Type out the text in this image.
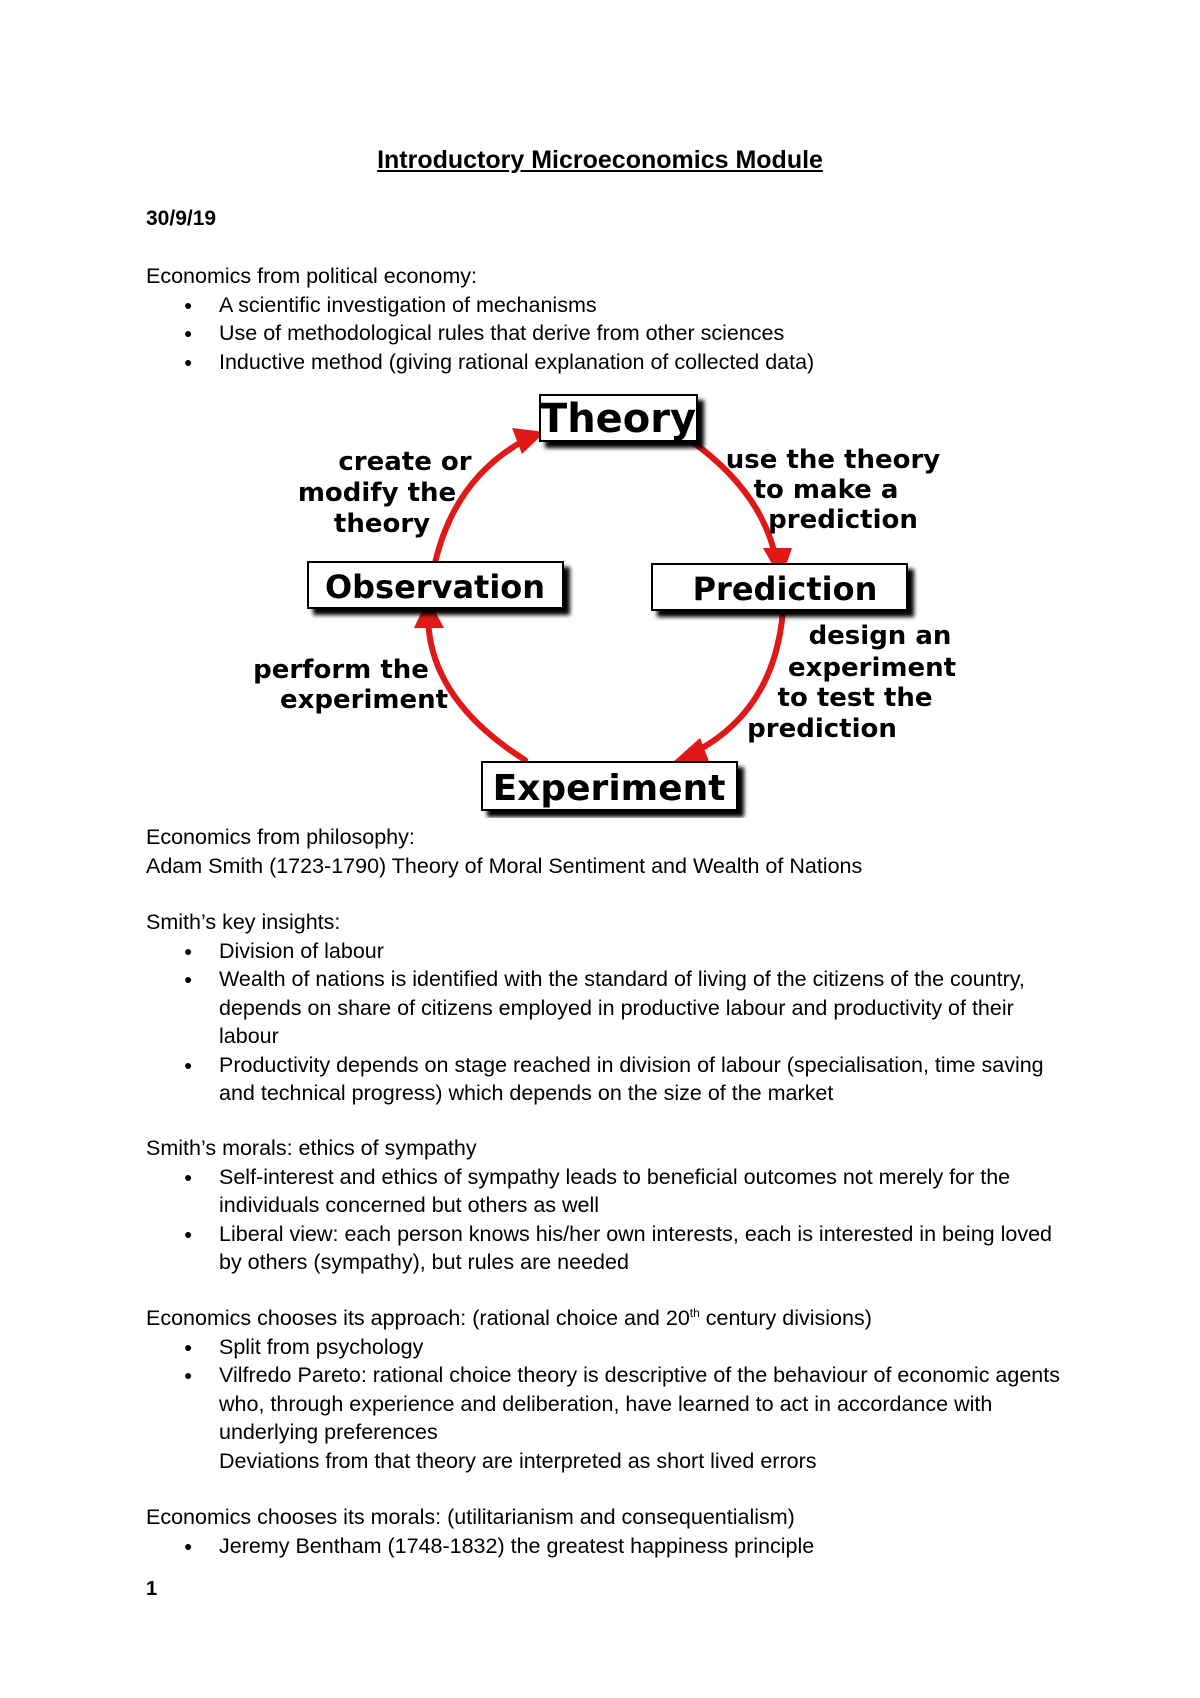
Introductory Microeconomics Module
30/9/19

Economics from political economy:

● A scientific investigation of mechanisms
● Use of methodological rules that derive from other sciences
● Inductive method (giving rational explanation of collected data)
Theory
Observation	Prediction
Experiment
create or
modify the
theory
use the theory
to make a
prediction
design an
experiment
to test the
prediction
perform the
experiment

Economics from philosophy:

Adam Smith (1723-1790) Theory of Moral Sentiment and Wealth of Nations

Smith’s key insights:

● Division of labour
● Wealth of nations is identified with the standard of living of the citizens of the country, depends on share of citizens employed in productive labour and productivity of their labour
● Productivity depends on stage reached in division of labour (specialisation, time saving and technical progress) which depends on the size of the market

Smith’s morals: ethics of sympathy

● Self-interest and ethics of sympathy leads to beneficial outcomes not merely for the individuals concerned but others as well
● Liberal view: each person knows his/her own interests, each is interested in being loved by others (sympathy), but rules are needed

Economics chooses its approach: (rational choice and 20th century divisions)

● Split from psychology
● Vilfredo Pareto: rational choice theory is descriptive of the behaviour of economic agents who, through experience and deliberation, have learned to act in accordance with underlying preferences

Deviations from that theory are interpreted as short lived errors

Economics chooses its morals: (utilitarianism and consequentialism)

● Jeremy Bentham (1748-1832) the greatest happiness principle
1
